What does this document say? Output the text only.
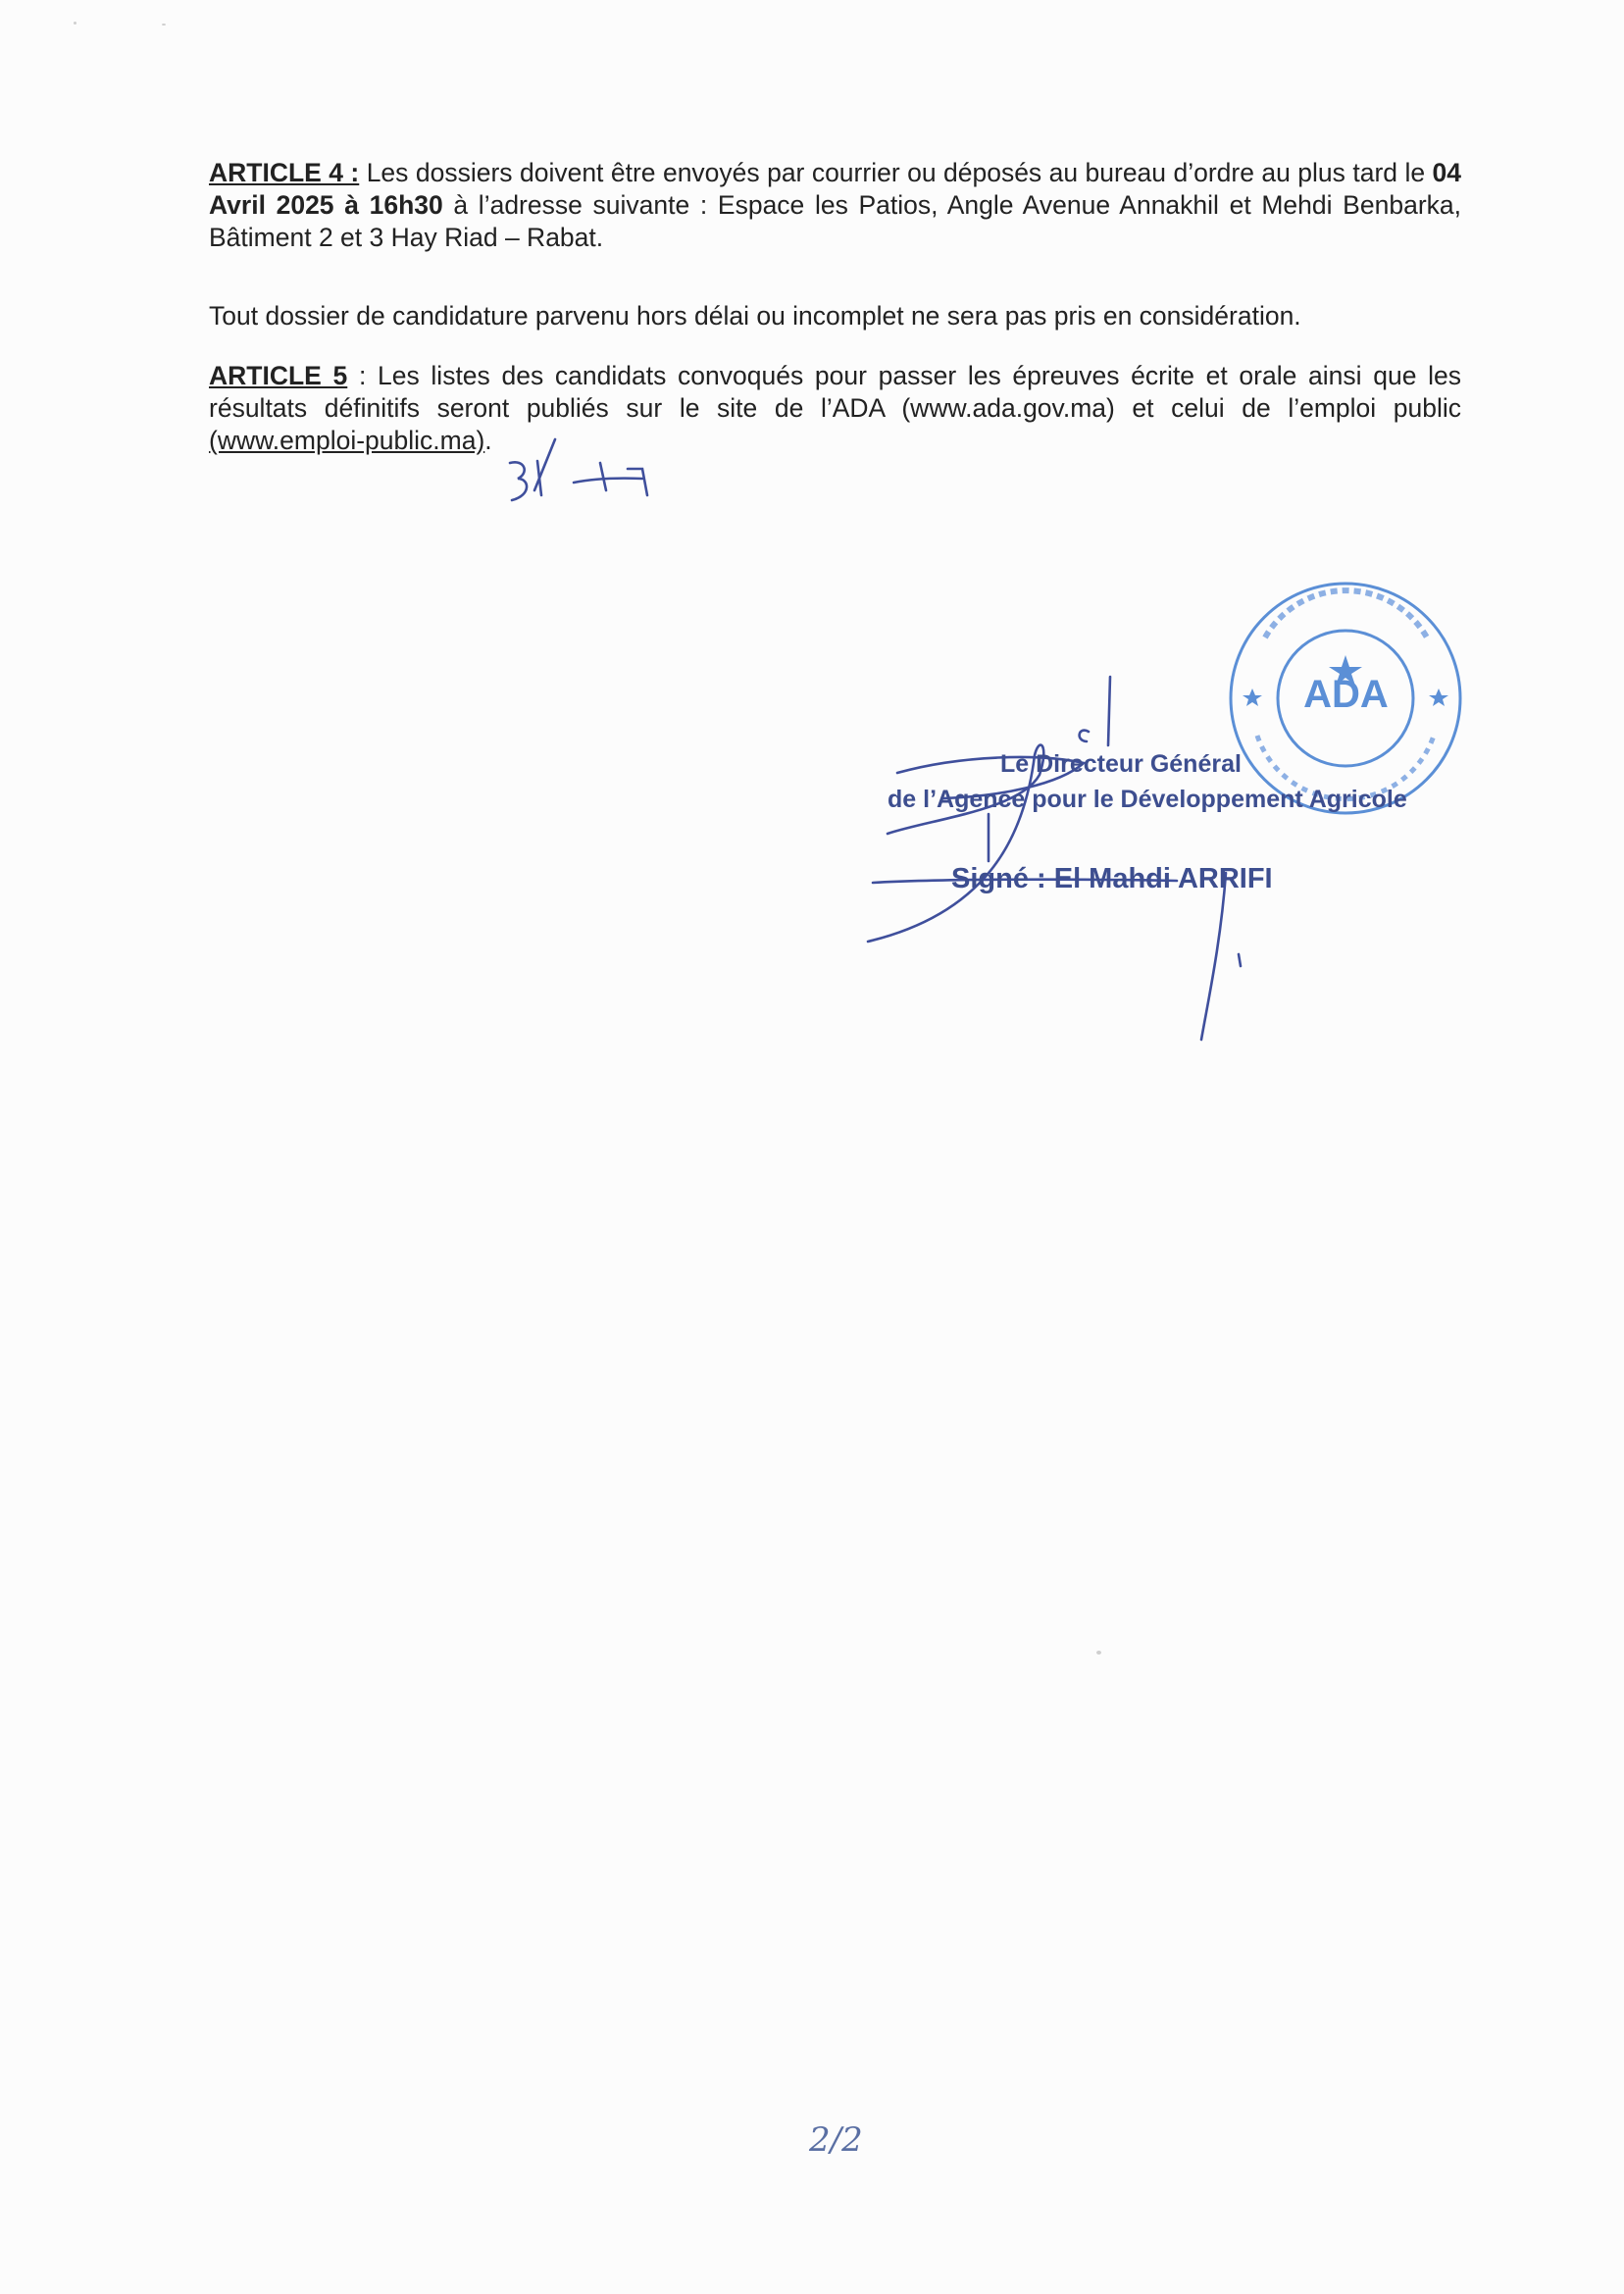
ARTICLE 4 : Les dossiers doivent être envoyés par courrier ou déposés au bureau d’ordre au plus tard le 04 Avril 2025 à 16h30 à l’adresse suivante : Espace les Patios, Angle Avenue Annakhil et Mehdi Benbarka, Bâtiment 2 et 3 Hay Riad – Rabat.
Tout dossier de candidature parvenu hors délai ou incomplet ne sera pas pris en considération.
ARTICLE 5 : Les listes des candidats convoqués pour passer les épreuves écrite et orale ainsi que les résultats définitifs seront publiés sur le site de l’ADA (www.ada.gov.ma) et celui de l’emploi public (www.emploi-public.ma).
ADA
Le Directeur Général
de l’Agence pour le Développement Agricole
Signé : El Mahdi ARRIFI
2/2
